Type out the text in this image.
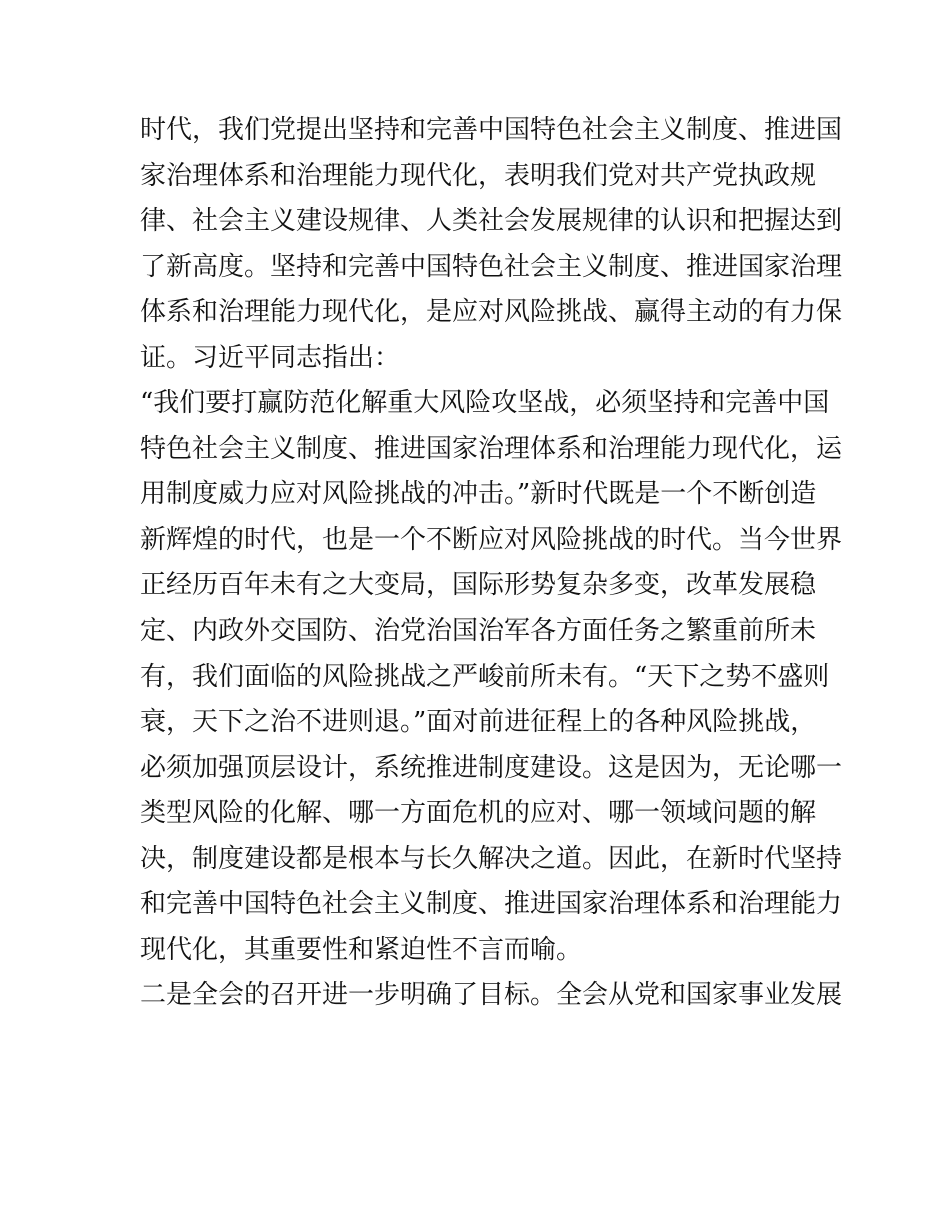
时代，我们党提出坚持和完善中国特色社会主义制度、推进国
家治理体系和治理能力现代化，表明我们党对共产党执政规
律、社会主义建设规律、人类社会发展规律的认识和把握达到
了新高度。坚持和完善中国特色社会主义制度、推进国家治理
体系和治理能力现代化，是应对风险挑战、赢得主动的有力保
证。习近平同志指出：
“我们要打赢防范化解重大风险攻坚战，必须坚持和完善中国
特色社会主义制度、推进国家治理体系和治理能力现代化，运
用制度威力应对风险挑战的冲击。”新时代既是一个不断创造
新辉煌的时代，也是一个不断应对风险挑战的时代。当今世界
正经历百年未有之大变局，国际形势复杂多变，改革发展稳
定、内政外交国防、治党治国治军各方面任务之繁重前所未
有，我们面临的风险挑战之严峻前所未有。“天下之势不盛则
衰，天下之治不进则退。”面对前进征程上的各种风险挑战，
必须加强顶层设计，系统推进制度建设。这是因为，无论哪一
类型风险的化解、哪一方面危机的应对、哪一领域问题的解
决，制度建设都是根本与长久解决之道。因此，在新时代坚持
和完善中国特色社会主义制度、推进国家治理体系和治理能力
现代化，其重要性和紧迫性不言而喻。
二是全会的召开进一步明确了目标。全会从党和国家事业发展
